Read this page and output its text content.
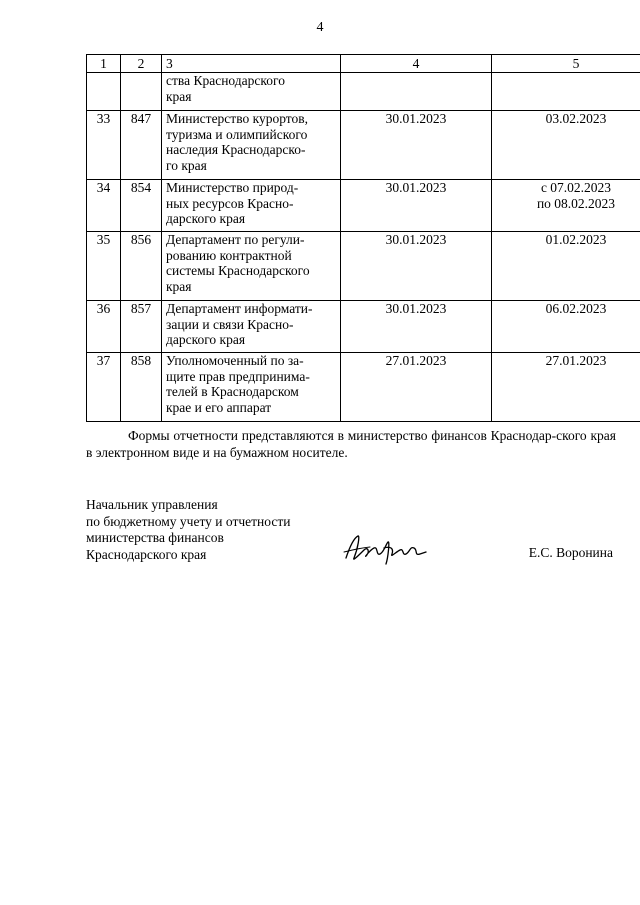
4
1	2	3	4	5

		ства Краснодарского
края		

33	847	Министерство курортов,
туризма и олимпийского
наследия Краснодарско-
го края	30.01.2023	03.02.2023

34	854	Министерство природ-
ных ресурсов Красно-
дарского края	30.01.2023	с 07.02.2023
по 08.02.2023

35	856	Департамент по регули-
рованию контрактной
системы Краснодарского
края	30.01.2023	01.02.2023

36	857	Департамент информати-
зации и связи Красно-
дарского края	30.01.2023	06.02.2023

37	858	Уполномоченный по за-
щите прав предпринима-
телей в Краснодарском
крае и его аппарат	27.01.2023	27.01.2023
Формы отчетности представляются в министерство финансов Краснодар-ского края в электронном виде и на бумажном носителе.
Начальник управления
по бюджетному учету и отчетности
министерства финансов
Краснодарского края	Е.С. Воронина
